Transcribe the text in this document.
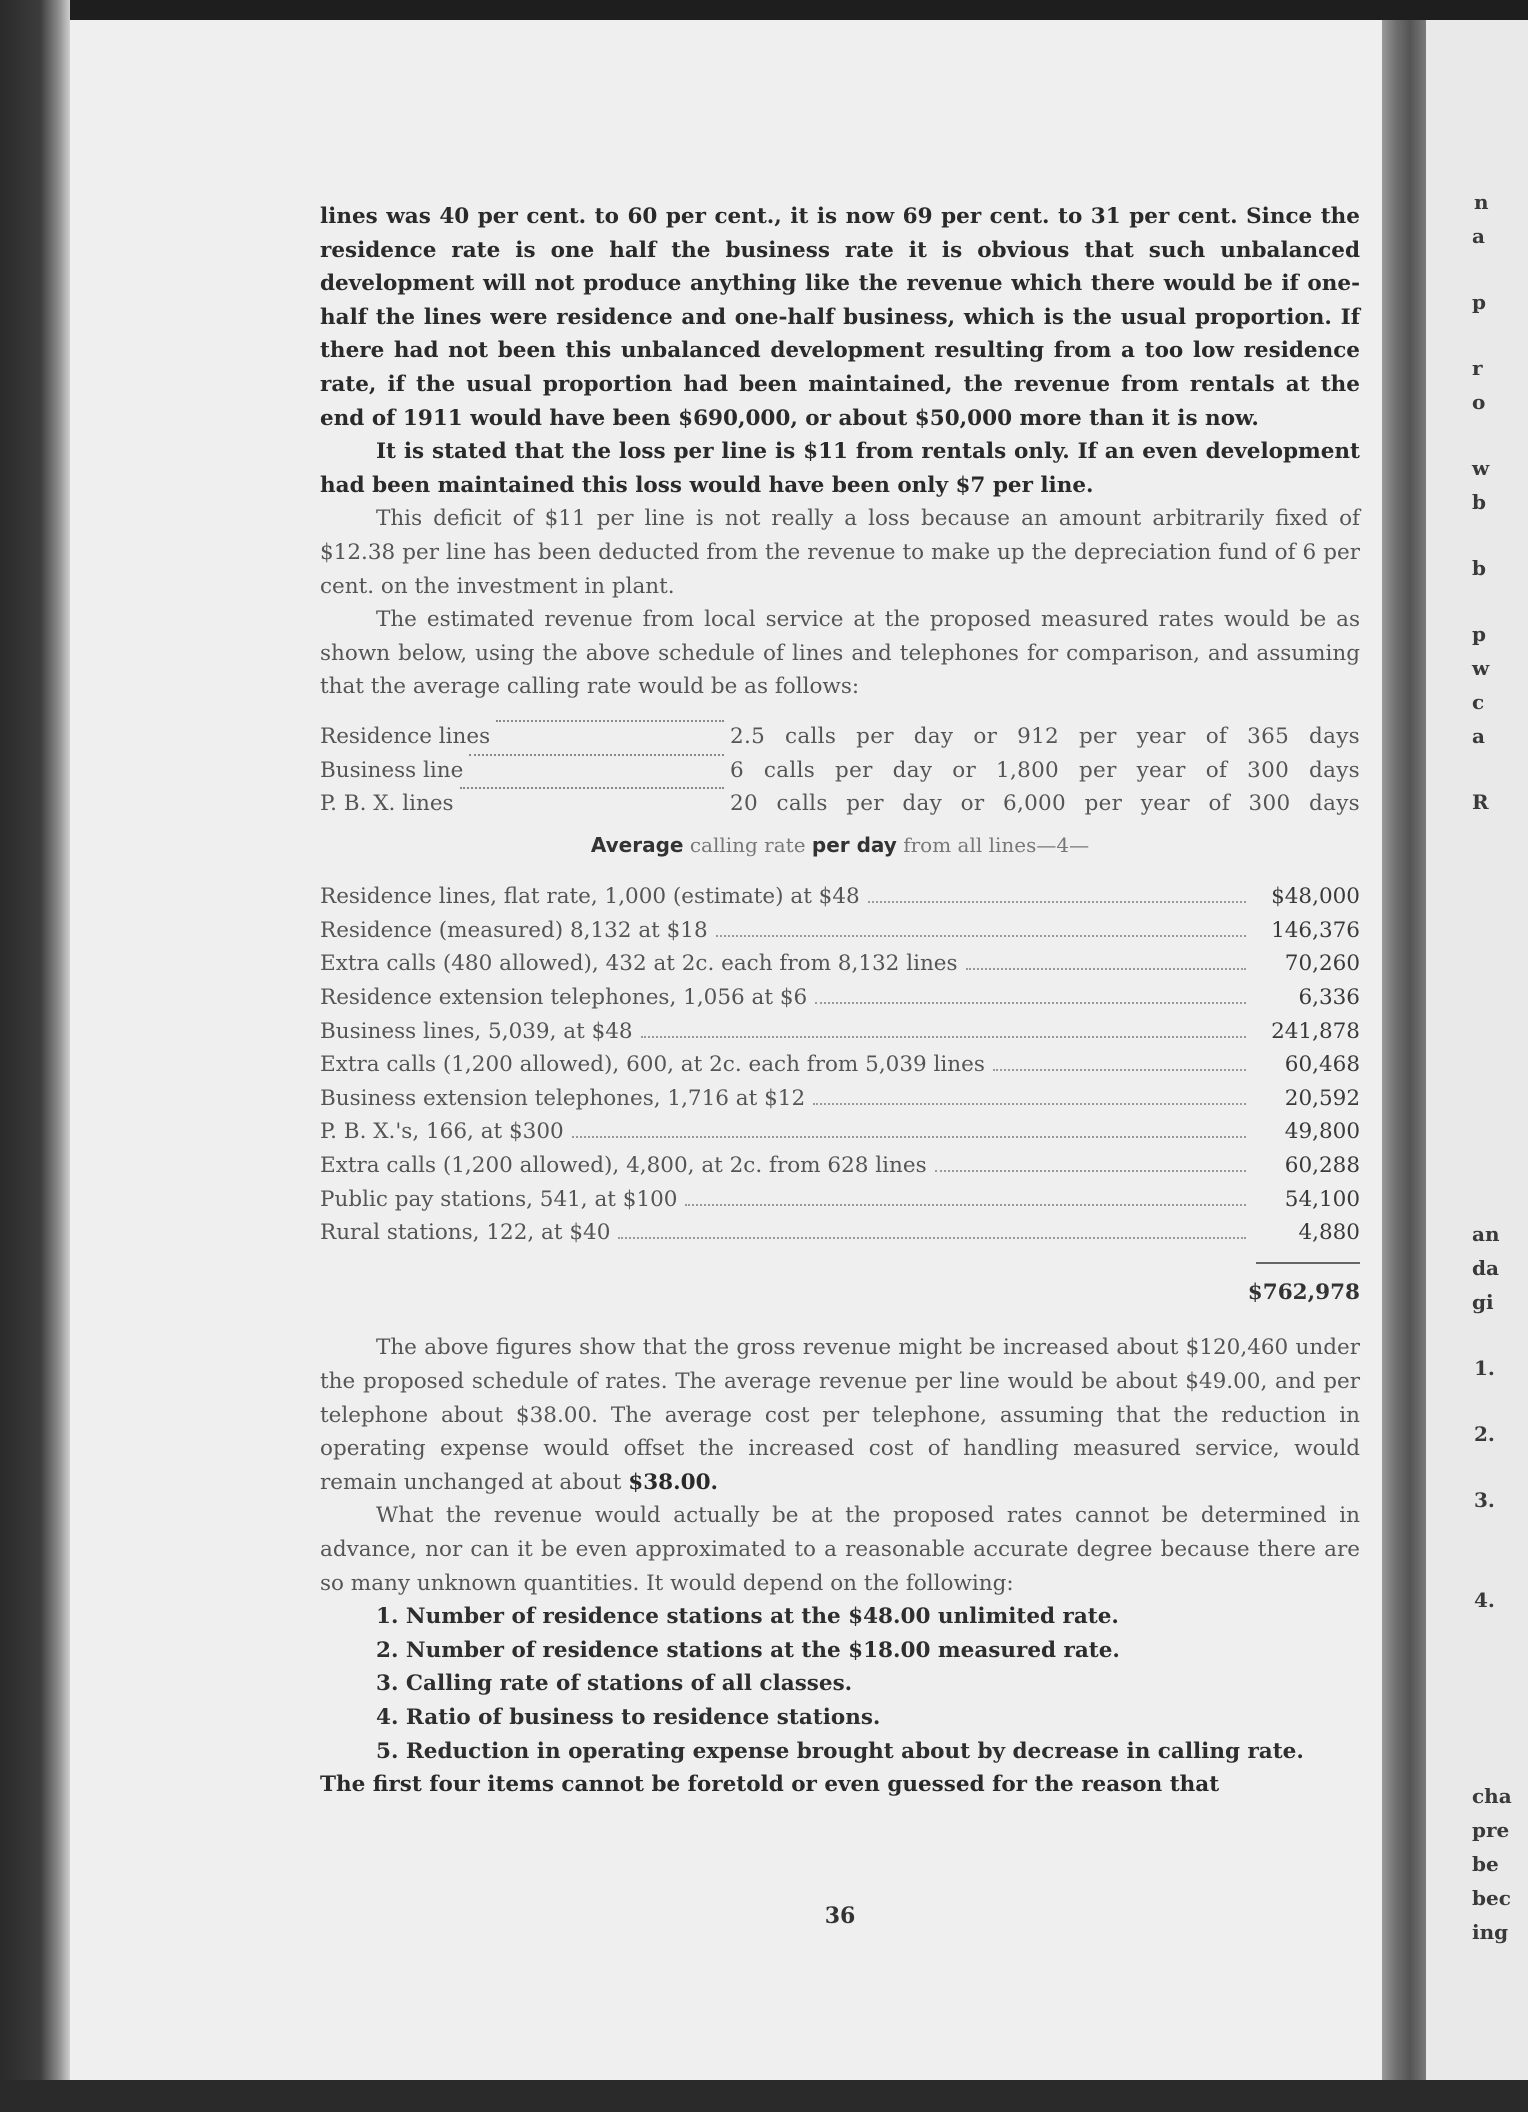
lines was 40 per cent. to 60 per cent., it is now 69 per cent. to 31 per cent. Since the residence rate is one half the business rate it is obvious that such unbalanced development will not produce anything like the revenue which there would be if one-half the lines were residence and one-half business, which is the usual proportion. If there had not been this unbalanced development resulting from a too low residence rate, if the usual proportion had been maintained, the revenue from rentals at the end of 1911 would have been $690,000, or about $50,000 more than it is now.

It is stated that the loss per line is $11 from rentals only. If an even development had been maintained this loss would have been only $7 per line.

This deficit of $11 per line is not really a loss because an amount arbitrarily fixed of $12.38 per line has been deducted from the revenue to make up the depreciation fund of 6 per cent. on the investment in plant.

The estimated revenue from local service at the proposed measured rates would be as shown below, using the above schedule of lines and telephones for comparison, and assuming that the average calling rate would be as follows:

Residence lines	2.5 calls per day or 912 per year of 365 days
Business line	6 calls per day or 1,800 per year of 300 days
P. B. X. lines	20 calls per day or 6,000 per year of 300 days
Average calling rate per day from all lines—4—
Residence lines, flat rate, 1,000 (estimate) at $48	$48,000
Residence (measured) 8,132 at $18	146,376
Extra calls (480 allowed), 432 at 2c. each from 8,132 lines	70,260
Residence extension telephones, 1,056 at $6	6,336
Business lines, 5,039, at $48	241,878
Extra calls (1,200 allowed), 600, at 2c. each from 5,039 lines	60,468
Business extension telephones, 1,716 at $12	20,592
P. B. X.'s, 166, at $300	49,800
Extra calls (1,200 allowed), 4,800, at 2c. from 628 lines	60,288
Public pay stations, 541, at $100	54,100
Rural stations, 122, at $40	4,880
$762,978

The above figures show that the gross revenue might be increased about $120,460 under the proposed schedule of rates. The average revenue per line would be about $49.00, and per telephone about $38.00. The average cost per telephone, assuming that the reduction in operating expense would offset the increased cost of handling measured service, would remain unchanged at about $38.00.

What the revenue would actually be at the proposed rates cannot be determined in advance, nor can it be even approximated to a reasonable accurate degree because there are so many unknown quantities. It would depend on the following:

1. Number of residence stations at the $48.00 unlimited rate.
2. Number of residence stations at the $18.00 measured rate.
3. Calling rate of stations of all classes.
4. Ratio of business to residence stations.
5. Reduction in operating expense brought about by decrease in calling rate.

The first four items cannot be foretold or even guessed for the reason that

36
n
a
p
r
o
w
b
b
p
w
c
a
R
an
da
gi
1.
2.
3.
4.
cha
pre
be
bec
ing
